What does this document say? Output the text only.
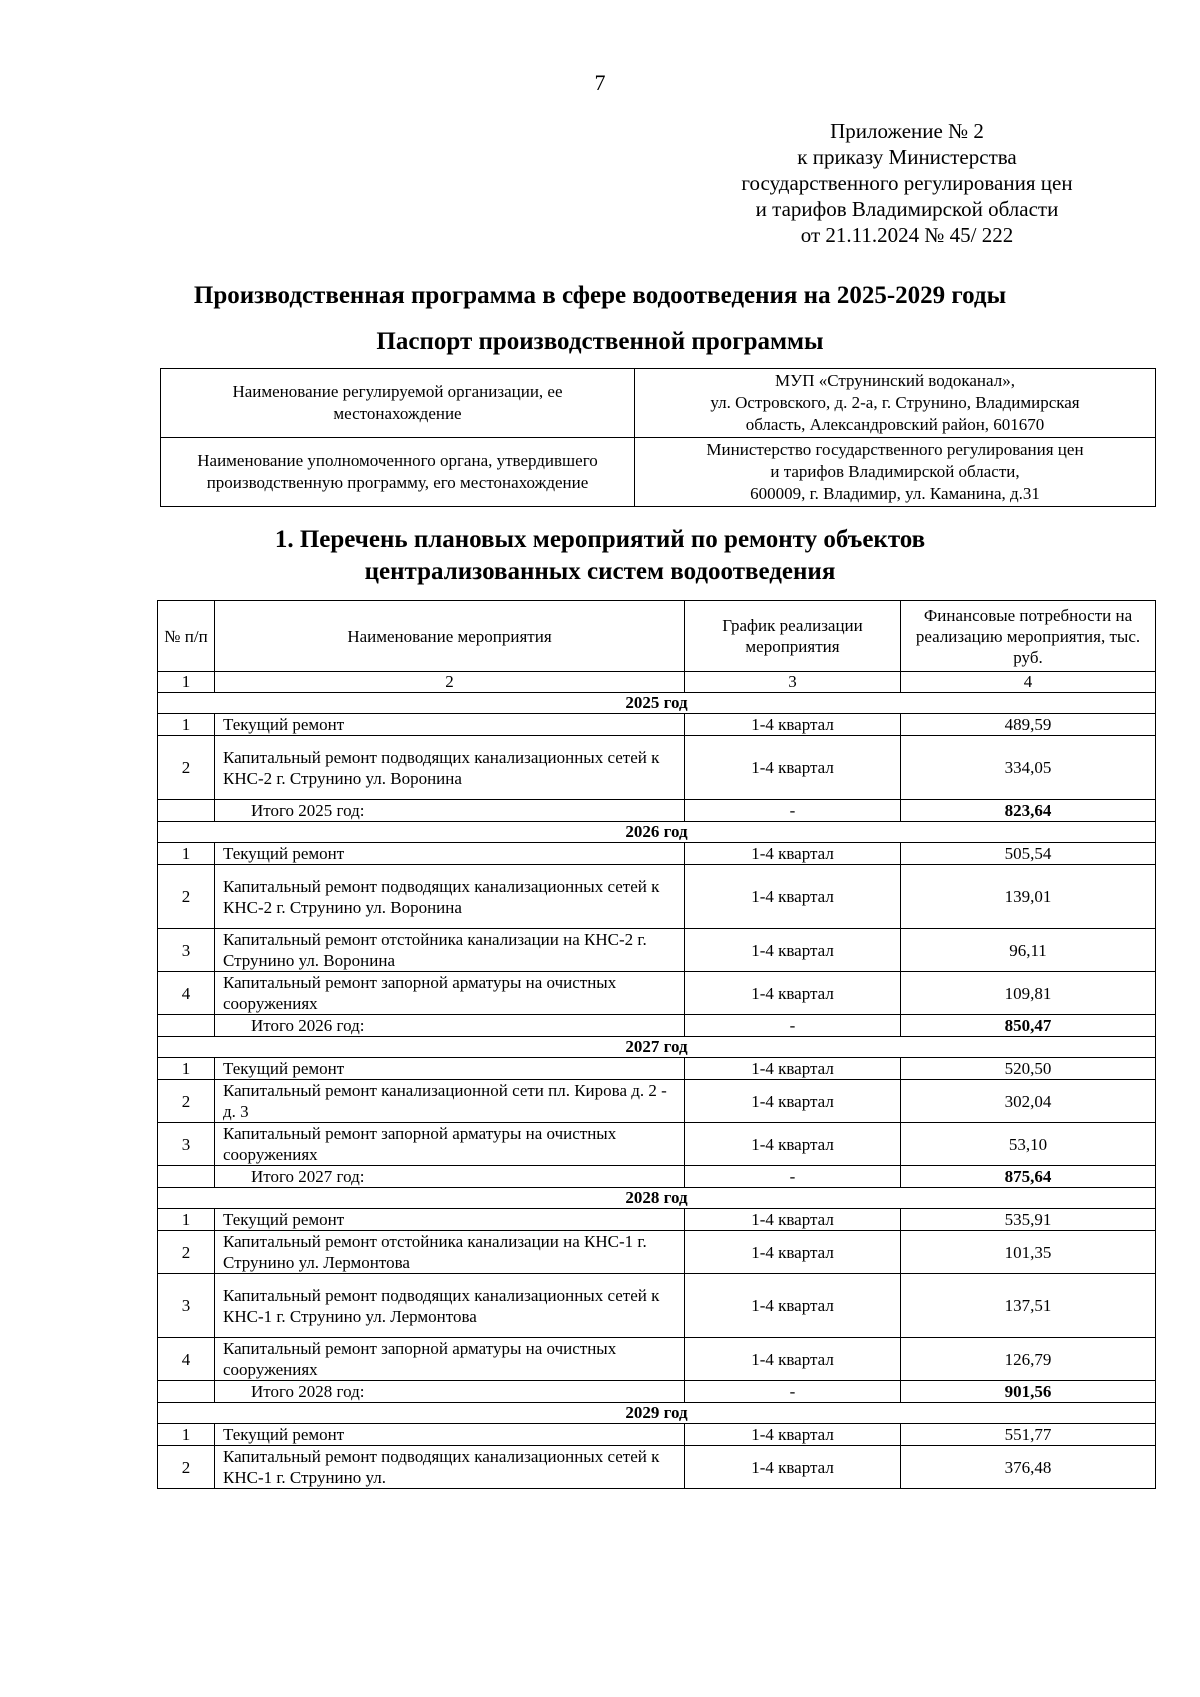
7
Приложение № 2
к приказу Министерства
государственного регулирования цен
и тарифов Владимирской области
от 21.11.2024 № 45/ 222
Производственная программа в сфере водоотведения на 2025-2029 годы
Паспорт производственной программы
Наименование регулируемой организации, ее местонахождение	МУП «Струнинский водоканал»,
ул. Островского, д. 2-а, г. Струнино, Владимирская
область, Александровский район, 601670

Наименование уполномоченного органа, утвердившего производственную программу, его местонахождение	Министерство государственного регулирования цен
и тарифов Владимирской области,
600009, г. Владимир, ул. Каманина, д.31
1. Перечень плановых мероприятий по ремонту объектов
централизованных систем водоотведения
№ п/п	Наименование мероприятия	График реализации мероприятия	Финансовые потребности на реализацию мероприятия, тыс. руб.
1	2	3	4
2025 год			
1	Текущий ремонт	1-4 квартал	489,59
2	Капитальный ремонт подводящих канализационных сетей к КНС-2 г. Струнино ул. Воронина	1-4 квартал	334,05
	Итого 2025 год:	-	823,64
2026 год			
1	Текущий ремонт	1-4 квартал	505,54
2	Капитальный ремонт подводящих канализационных сетей к КНС-2 г. Струнино ул. Воронина	1-4 квартал	139,01
3	Капитальный ремонт отстойника канализации на КНС-2 г. Струнино ул. Воронина	1-4 квартал	96,11
4	Капитальный ремонт запорной арматуры на очистных сооружениях	1-4 квартал	109,81
	Итого 2026 год:	-	850,47
2027 год			
1	Текущий ремонт	1-4 квартал	520,50
2	Капитальный ремонт канализационной сети пл. Кирова д. 2 - д. 3	1-4 квартал	302,04
3	Капитальный ремонт запорной арматуры на очистных сооружениях	1-4 квартал	53,10
	Итого 2027 год:	-	875,64
2028 год			
1	Текущий ремонт	1-4 квартал	535,91
2	Капитальный ремонт отстойника канализации на КНС-1 г. Струнино ул. Лермонтова	1-4 квартал	101,35
3	Капитальный ремонт подводящих канализационных сетей к КНС-1 г. Струнино ул. Лермонтова	1-4 квартал	137,51
4	Капитальный ремонт запорной арматуры на очистных сооружениях	1-4 квартал	126,79
	Итого 2028 год:	-	901,56
2029 год			
1	Текущий ремонт	1-4 квартал	551,77
2	Капитальный ремонт подводящих канализационных сетей к КНС-1 г. Струнино ул.	1-4 квартал	376,48
